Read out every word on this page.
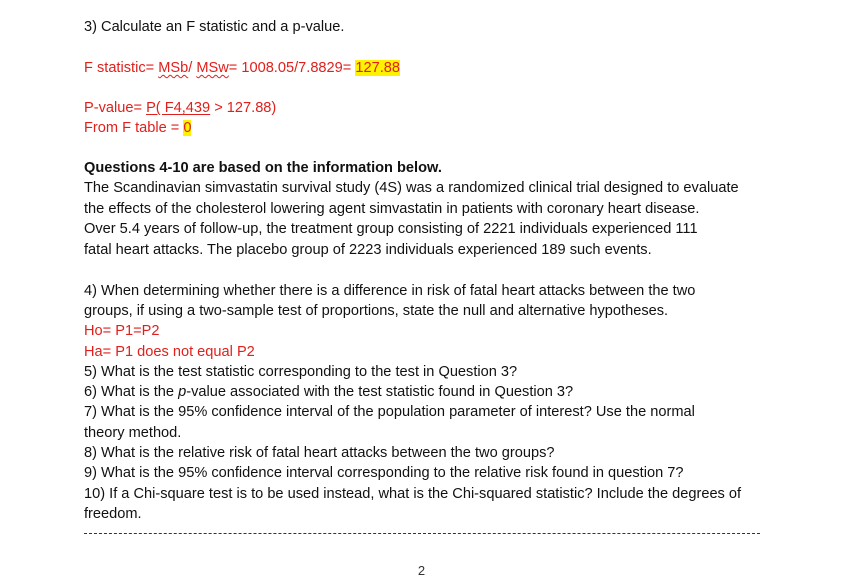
3) Calculate an F statistic and a p-value.
F statistic= MSb/ MSw= 1008.05/7.8829= 127.88
P-value= P( F4,439 > 127.88)
From F table = 0
Questions 4-10 are based on the information below.
The Scandinavian simvastatin survival study (4S) was a randomized clinical trial designed to evaluate
the effects of the cholesterol lowering agent simvastatin in patients with coronary heart disease.
Over 5.4 years of follow-up, the treatment group consisting of 2221 individuals experienced 111
fatal heart attacks. The placebo group of 2223 individuals experienced 189 such events.
4) When determining whether there is a difference in risk of fatal heart attacks between the two
groups, if using a two-sample test of proportions, state the null and alternative hypotheses.
Ho= P1=P2
Ha= P1 does not equal P2
5) What is the test statistic corresponding to the test in Question 3?
6) What is the p-value associated with the test statistic found in Question 3?
7) What is the 95% confidence interval of the population parameter of interest? Use the normal
theory method.
8) What is the relative risk of fatal heart attacks between the two groups?
9) What is the 95% confidence interval corresponding to the relative risk found in question 7?
10) If a Chi-square test is to be used instead, what is the Chi-squared statistic? Include the degrees of
freedom.
2
